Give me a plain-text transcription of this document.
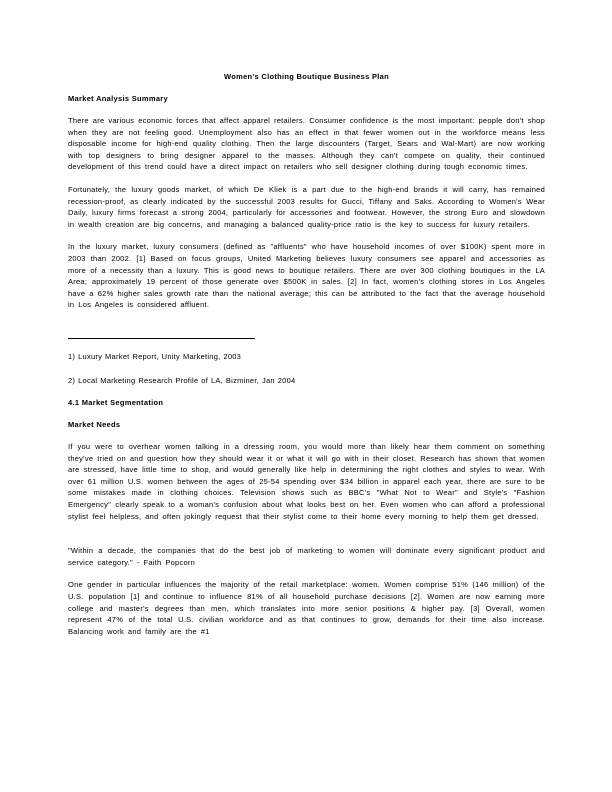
Women's Clothing Boutique Business Plan
Market Analysis Summary

There are various economic forces that affect apparel retailers. Consumer confidence is the most important: people don't shop when they are not feeling good. Unemployment also has an effect in that fewer women out in the workforce means less disposable income for high-end quality clothing. Then the large discounters (Target, Sears and Wal-Mart) are now working with top designers to bring designer apparel to the masses. Although they can't compete on quality, their continued development of this trend could have a direct impact on retailers who sell designer clothing during tough economic times.

Fortunately, the luxury goods market, of which De Kliek is a part due to the high-end brands it will carry, has remained recession-proof, as clearly indicated by the successful 2003 results for Gucci, Tiffany and Saks. According to Women's Wear Daily, luxury firms forecast a strong 2004, particularly for accessories and footwear. However, the strong Euro and slowdown in wealth creation are big concerns, and managing a balanced quality-price ratio is the key to success for luxury retailers.

In the luxury market, luxury consumers (defined as "affluents" who have household incomes of over $100K) spent more in 2003 than 2002. [1] Based on focus groups, United Marketing believes luxury consumers see apparel and accessories as more of a necessity than a luxury. This is good news to boutique retailers. There are over 300 clothing boutiques in the LA Area; approximately 19 percent of those generate over $500K in sales. [2] In fact, women's clothing stores in Los Angeles have a 62% higher sales growth rate than the national average; this can be attributed to the fact that the average household in Los Angeles is considered affluent.

1) Luxury Market Report, Unity Marketing, 2003

2) Local Marketing Research Profile of LA, Bizminer, Jan 2004

4.1 Market Segmentation
Market Needs

If you were to overhear women talking in a dressing room, you would more than likely hear them comment on something they've tried on and question how they should wear it or what it will go with in their closet. Research has shown that women are stressed, have little time to shop, and would generally like help in determining the right clothes and styles to wear. With over 61 million U.S. women between the ages of 25-54 spending over $34 billion in apparel each year, there are sure to be some mistakes made in clothing choices. Television shows such as BBC's "What Not to Wear" and Style's "Fashion Emergency" clearly speak to a woman's confusion about what looks best on her. Even women who can afford a professional stylist feel helpless, and often jokingly request that their stylist come to their home every morning to help them get dressed.

"Within a decade, the companies that do the best job of marketing to women will dominate every significant product and service category." - Faith Popcorn

One gender in particular influences the majority of the retail marketplace: women. Women comprise 51% (146 million) of the U.S. population [1] and continue to influence 81% of all household purchase decisions [2]. Women are now earning more college and master's degrees than men, which translates into more senior positions & higher pay. [3] Overall, women represent 47% of the total U.S. civilian workforce and as that continues to grow, demands for their time also increase. Balancing work and family are the #1
